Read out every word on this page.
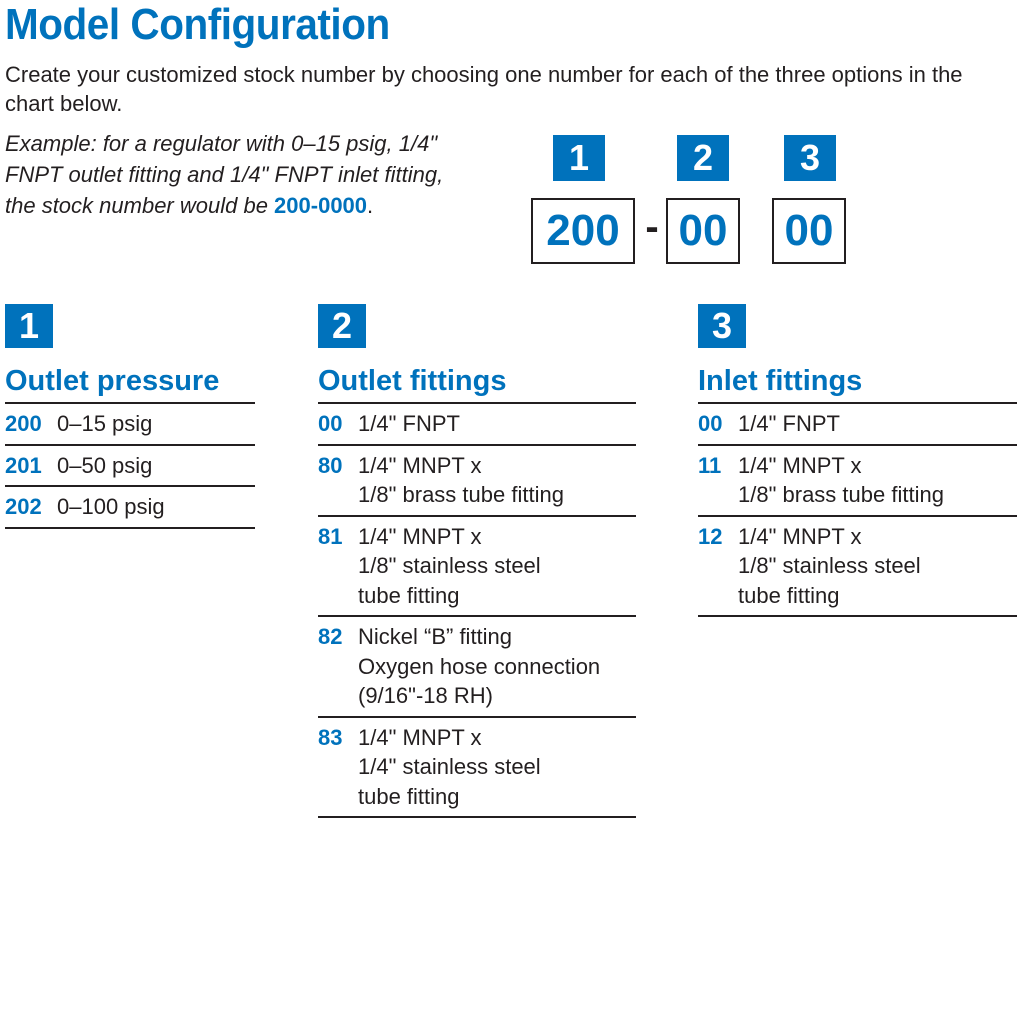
Model Configuration

Create your customized stock number by choosing one number for each of the three options in the chart below.

Example: for a regulator with 0–15 psig, 1/4" FNPT outlet fitting and 1/4" FNPT inlet fitting, the stock number would be 200-0000.

1	2	3
200 - 00 00
1
Outlet pressure
200 0–15 psig
201 0–50 psig
202 0–100 psig
2
Outlet fittings
00 1/4" FNPT
80 1/4" MNPT x
1/8" brass tube fitting
81 1/4" MNPT x
1/8" stainless steel
tube fitting
82 Nickel “B” fitting
Oxygen hose connection
(9/16"-18 RH)
83 1/4" MNPT x
1/4" stainless steel
tube fitting
3
Inlet fittings
00 1/4" FNPT
11 1/4" MNPT x
1/8" brass tube fitting
12 1/4" MNPT x
1/8" stainless steel
tube fitting
